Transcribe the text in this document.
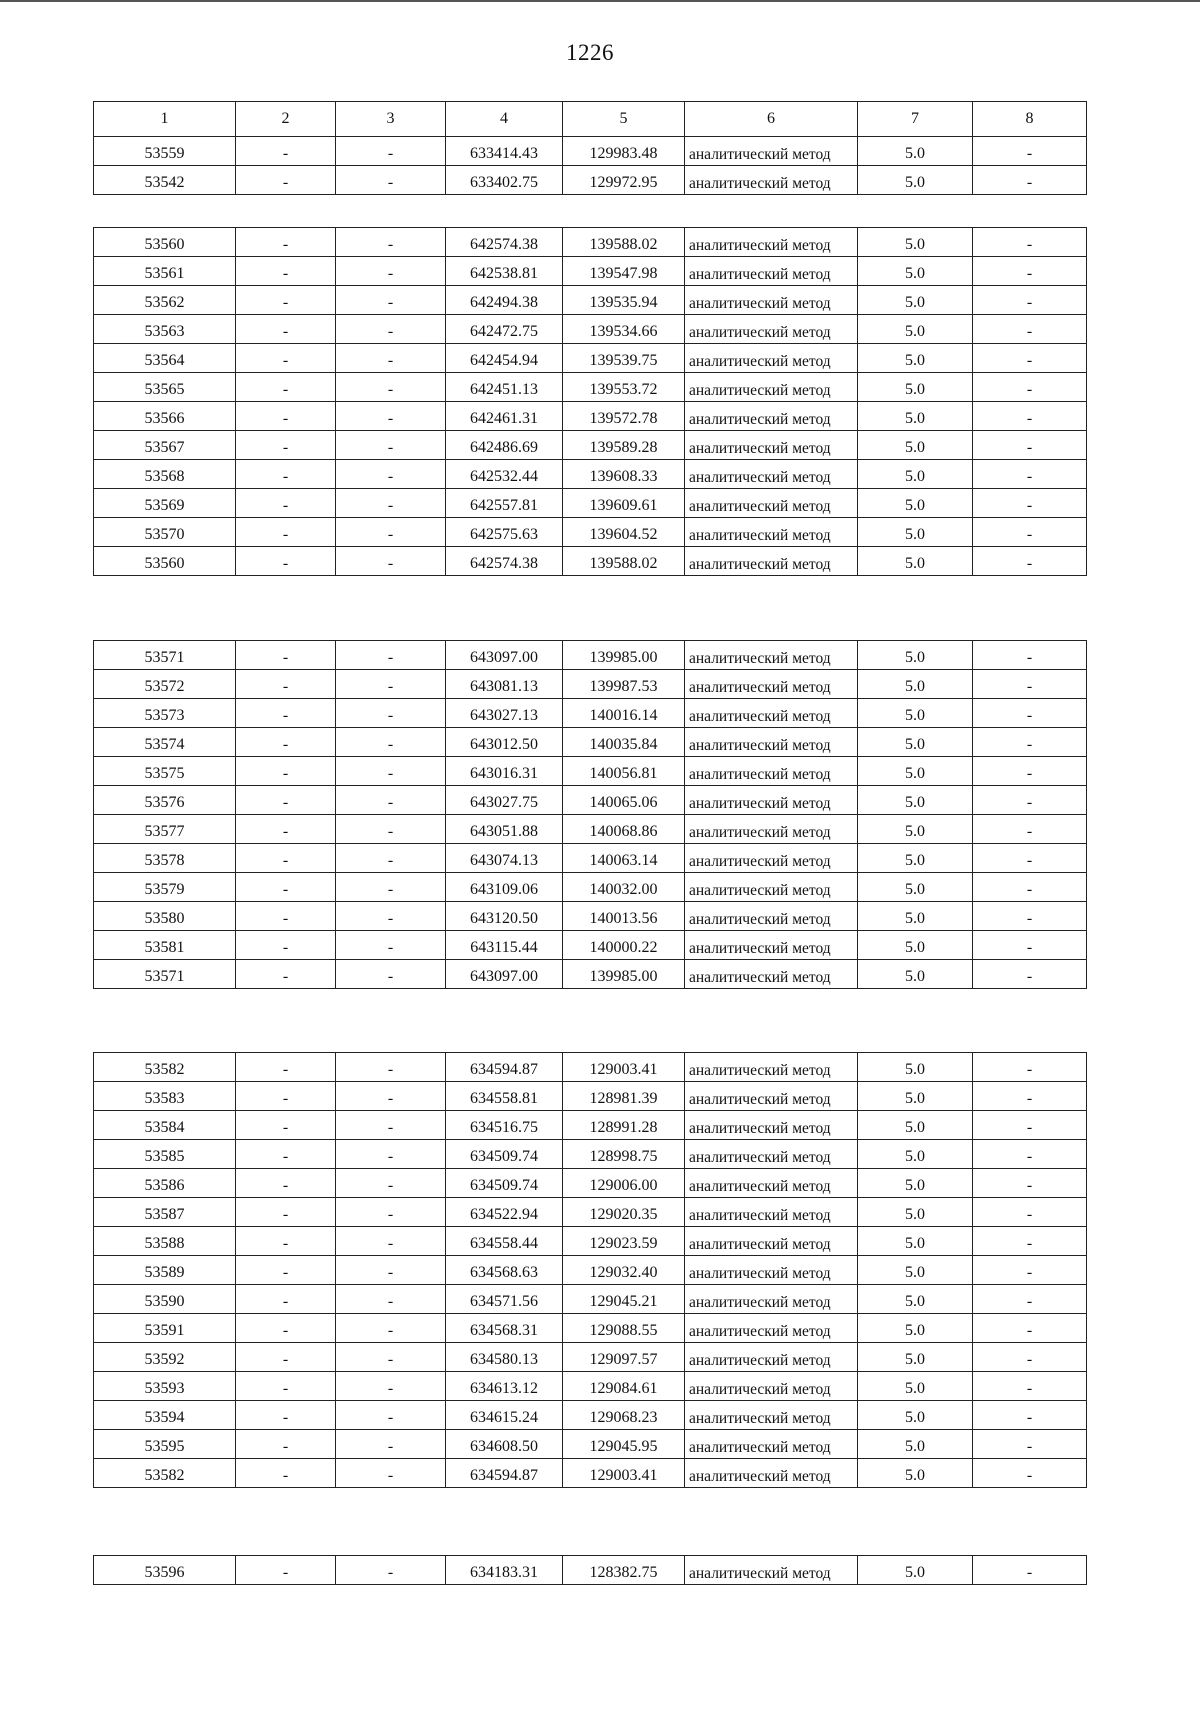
1226
1	2	3	4	5	6	7	8
53559	-	-	633414.43	129983.48	аналитический метод	5.0	-
53542	-	-	633402.75	129972.95	аналитический метод	5.0	-
53560	-	-	642574.38	139588.02	аналитический метод	5.0	-
53561	-	-	642538.81	139547.98	аналитический метод	5.0	-
53562	-	-	642494.38	139535.94	аналитический метод	5.0	-
53563	-	-	642472.75	139534.66	аналитический метод	5.0	-
53564	-	-	642454.94	139539.75	аналитический метод	5.0	-
53565	-	-	642451.13	139553.72	аналитический метод	5.0	-
53566	-	-	642461.31	139572.78	аналитический метод	5.0	-
53567	-	-	642486.69	139589.28	аналитический метод	5.0	-
53568	-	-	642532.44	139608.33	аналитический метод	5.0	-
53569	-	-	642557.81	139609.61	аналитический метод	5.0	-
53570	-	-	642575.63	139604.52	аналитический метод	5.0	-
53560	-	-	642574.38	139588.02	аналитический метод	5.0	-
53571	-	-	643097.00	139985.00	аналитический метод	5.0	-
53572	-	-	643081.13	139987.53	аналитический метод	5.0	-
53573	-	-	643027.13	140016.14	аналитический метод	5.0	-
53574	-	-	643012.50	140035.84	аналитический метод	5.0	-
53575	-	-	643016.31	140056.81	аналитический метод	5.0	-
53576	-	-	643027.75	140065.06	аналитический метод	5.0	-
53577	-	-	643051.88	140068.86	аналитический метод	5.0	-
53578	-	-	643074.13	140063.14	аналитический метод	5.0	-
53579	-	-	643109.06	140032.00	аналитический метод	5.0	-
53580	-	-	643120.50	140013.56	аналитический метод	5.0	-
53581	-	-	643115.44	140000.22	аналитический метод	5.0	-
53571	-	-	643097.00	139985.00	аналитический метод	5.0	-
53582	-	-	634594.87	129003.41	аналитический метод	5.0	-
53583	-	-	634558.81	128981.39	аналитический метод	5.0	-
53584	-	-	634516.75	128991.28	аналитический метод	5.0	-
53585	-	-	634509.74	128998.75	аналитический метод	5.0	-
53586	-	-	634509.74	129006.00	аналитический метод	5.0	-
53587	-	-	634522.94	129020.35	аналитический метод	5.0	-
53588	-	-	634558.44	129023.59	аналитический метод	5.0	-
53589	-	-	634568.63	129032.40	аналитический метод	5.0	-
53590	-	-	634571.56	129045.21	аналитический метод	5.0	-
53591	-	-	634568.31	129088.55	аналитический метод	5.0	-
53592	-	-	634580.13	129097.57	аналитический метод	5.0	-
53593	-	-	634613.12	129084.61	аналитический метод	5.0	-
53594	-	-	634615.24	129068.23	аналитический метод	5.0	-
53595	-	-	634608.50	129045.95	аналитический метод	5.0	-
53582	-	-	634594.87	129003.41	аналитический метод	5.0	-
53596	-	-	634183.31	128382.75	аналитический метод	5.0	-
